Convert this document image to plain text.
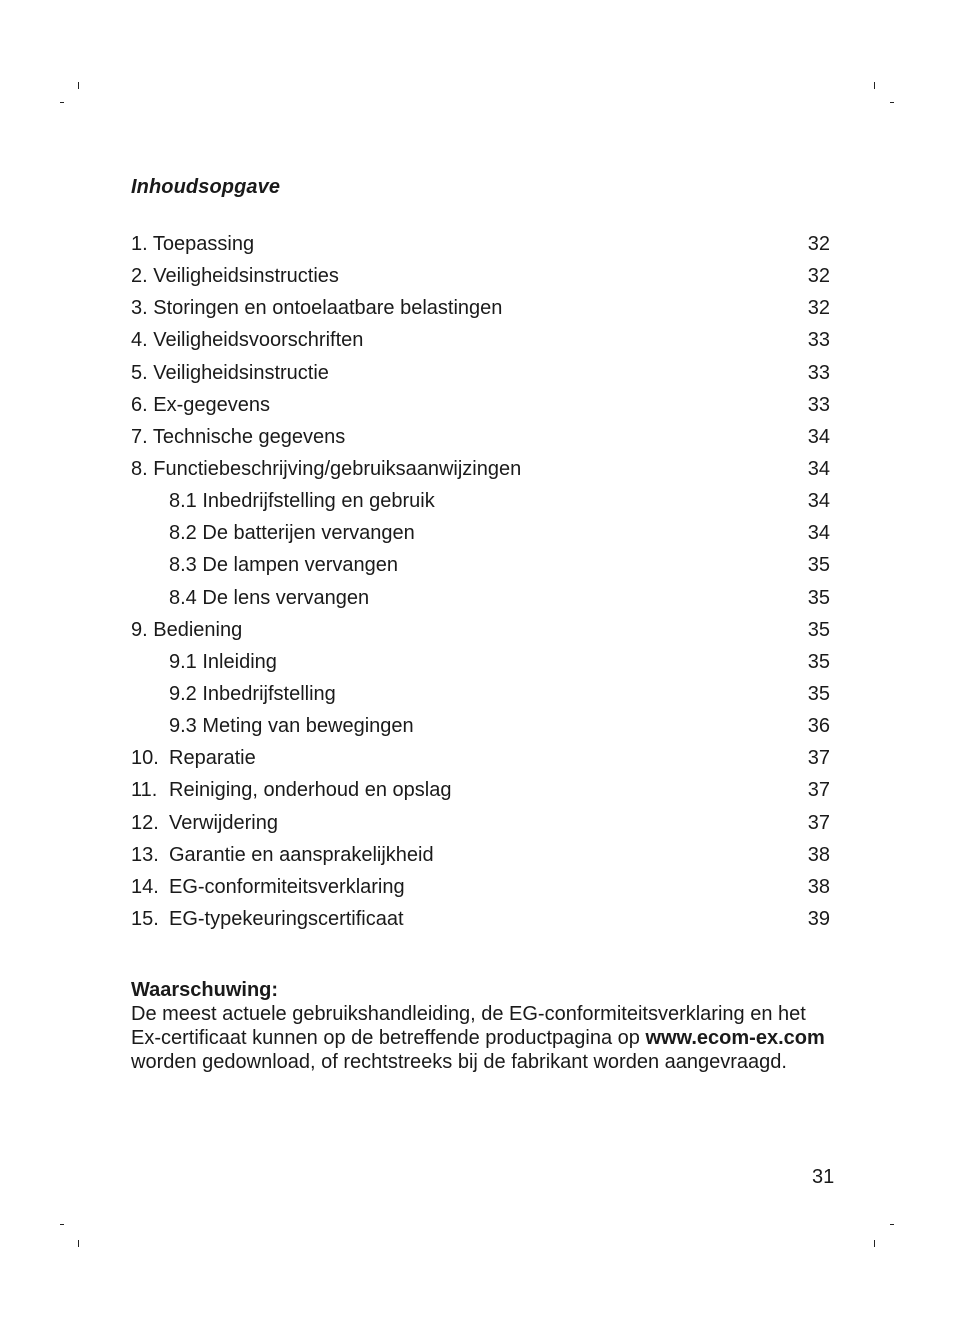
Inhoudsopgave
1. Toepassing	32
2. Veiligheidsinstructies	32
3. Storingen en ontoelaatbare belastingen	32
4. Veiligheidsvoorschriften	33
5. Veiligheidsinstructie	33
6. Ex-gegevens	33
7. Technische gegevens	34
8. Functiebeschrijving/gebruiksaanwijzingen	34
8.1 Inbedrijfstelling en gebruik	34
8.2 De batterijen vervangen	34
8.3 De lampen vervangen	35
8.4 De lens vervangen	35
9. Bediening	35
9.1 Inleiding	35
9.2 Inbedrijfstelling	35
9.3 Meting van bewegingen	36
10. Reparatie	37
11. Reiniging, onderhoud en opslag	37
12. Verwijdering	37
13. Garantie en aansprakelijkheid	38
14. EG-conformiteitsverklaring	38
15. EG-typekeuringscertificaat	39
Waarschuwing:
De meest actuele gebruikshandleiding, de EG-conformiteitsverklaring en het Ex-certificaat kunnen op de betreffende productpagina op www.ecom-ex.com worden gedownload, of rechtstreeks bij de fabrikant worden aangevraagd.
31
